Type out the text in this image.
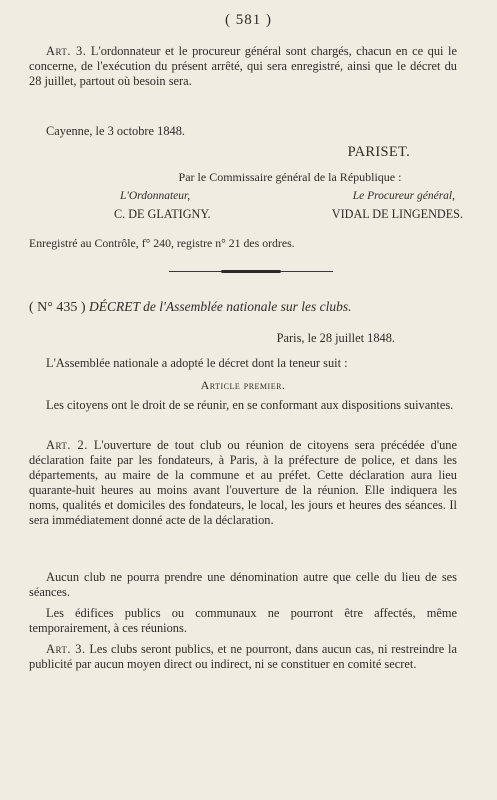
( 581 )

Art. 3. L'ordonnateur et le procureur général sont chargés, chacun en ce qui le concerne, de l'exécution du présent arrêté, qui sera enregistré, ainsi que le décret du 28 juillet, partout où besoin sera.

Cayenne, le 3 octobre 1848.

PARISET.
Par le Commissaire général de la République :
L'Ordonnateur,	Le Procureur général,
C. DE GLATIGNY.	VIDAL DE LINGENDES.

Enregistré au Contrôle, f° 240, registre n° 21 des ordres.

( N° 435 ) DÉCRET de l'Assemblée nationale sur les clubs.

Paris, le 28 juillet 1848.

L'Assemblée nationale a adopté le décret dont la teneur suit :

Article premier.

Les citoyens ont le droit de se réunir, en se conformant aux dispositions suivantes.

Art. 2. L'ouverture de tout club ou réunion de citoyens sera précédée d'une déclaration faite par les fondateurs, à Paris, à la préfecture de police, et dans les départements, au maire de la commune et au préfet. Cette déclaration aura lieu quarante-huit heures au moins avant l'ouverture de la réunion. Elle indiquera les noms, qualités et domiciles des fondateurs, le local, les jours et heures des séances. Il sera immédiatement donné acte de la déclaration.

Aucun club ne pourra prendre une dénomination autre que celle du lieu de ses séances.

Les édifices publics ou communaux ne pourront être affectés, même temporairement, à ces réunions.

Art. 3. Les clubs seront publics, et ne pourront, dans aucun cas, ni restreindre la publicité par aucun moyen direct ou indirect, ni se constituer en comité secret.
